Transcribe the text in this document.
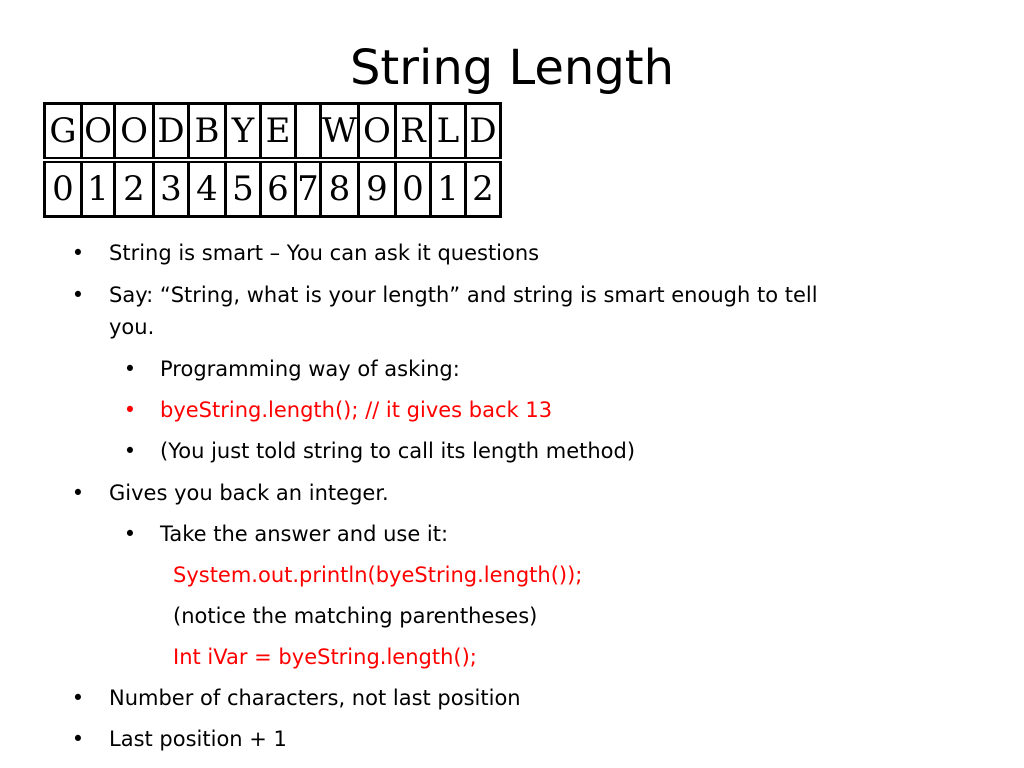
String Length
G	O	O	D	B	Y	E		W	O	R	L	D
0	1	2	3	4	5	6	7	8	9	0	1	2
• String is smart – You can ask it questions
• Say: “String, what is your length” and string is smart enough to tell
you.
• Programming way of asking:
• byeString.length(); // it gives back 13
• (You just told string to call its length method)
• Gives you back an integer.
• Take the answer and use it:
System.out.println(byeString.length());
(notice the matching parentheses)
Int iVar = byeString.length();
• Number of characters, not last position
• Last position + 1
